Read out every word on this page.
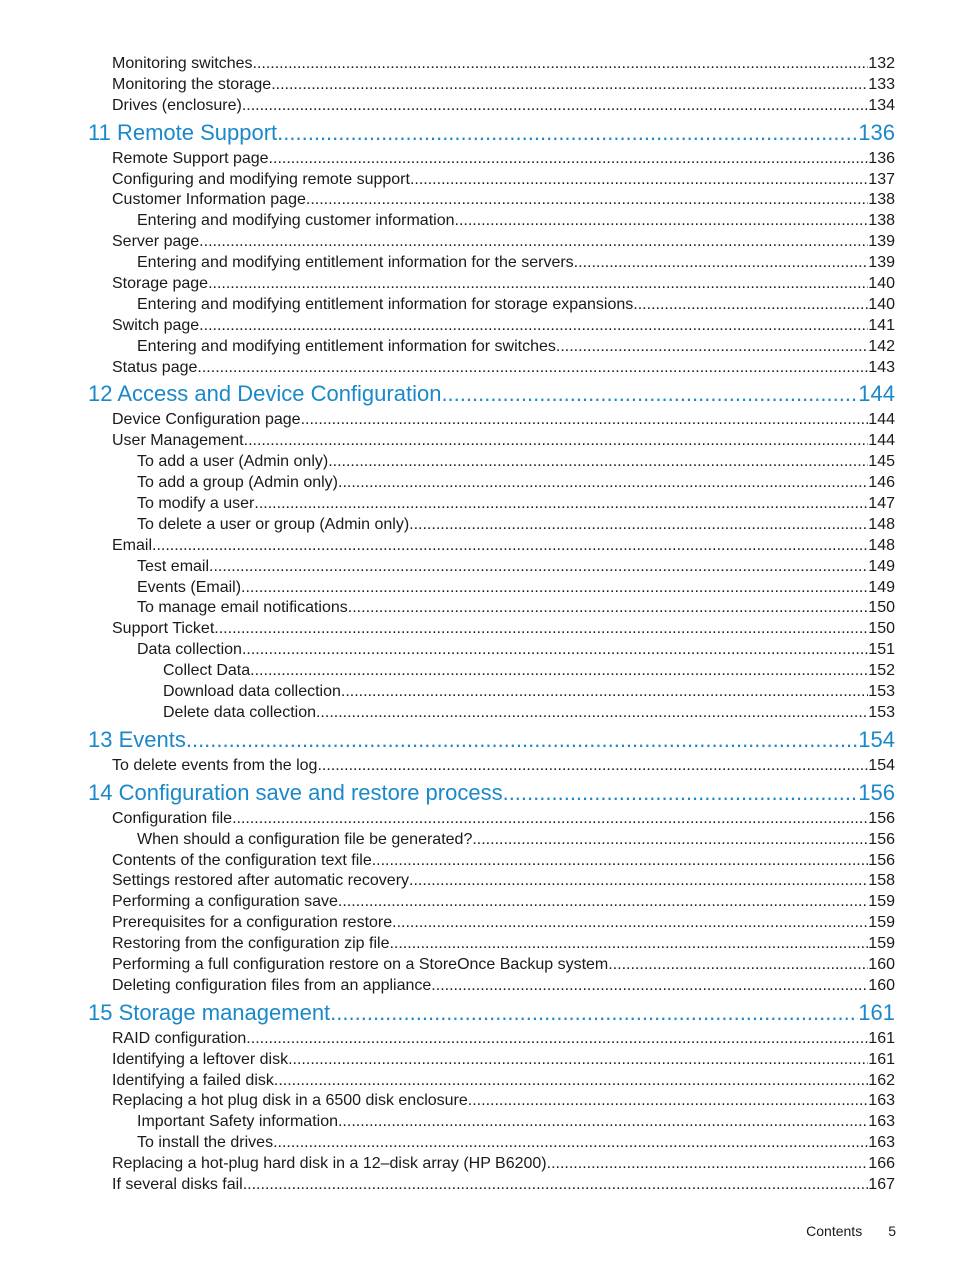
Monitoring switches .....	132
Monitoring the storage .....	133
Drives (enclosure) .....	134
11 Remote Support .....	136
Remote Support page .....	136
Configuring and modifying remote support .....	137
Customer Information page .....	138
Entering and modifying customer information .....	138
Server page .....	139
Entering and modifying entitlement information for the servers .....	139
Storage page .....	140
Entering and modifying entitlement information for storage expansions .....	140
Switch page .....	141
Entering and modifying entitlement information for switches .....	142
Status page .....	143
12 Access and Device Configuration .....	144
Device Configuration page .....	144
User Management .....	144
To add a user (Admin only) .....	145
To add a group (Admin only) .....	146
To modify a user .....	147
To delete a user or group (Admin only) .....	148
Email .....	148
Test email .....	149
Events (Email) .....	149
To manage email notifications .....	150
Support Ticket .....	150
Data collection .....	151
Collect Data .....	152
Download data collection .....	153
Delete data collection .....	153
13 Events .....	154
To delete events from the log .....	154
14 Configuration save and restore process .....	156
Configuration file .....	156
When should a configuration file be generated? .....	156
Contents of the configuration text file .....	156
Settings restored after automatic recovery .....	158
Performing a configuration save .....	159
Prerequisites for a configuration restore .....	159
Restoring from the configuration zip file .....	159
Performing a full configuration restore on a StoreOnce Backup system .....	160
Deleting configuration files from an appliance .....	160
15 Storage management .....	161
RAID configuration .....	161
Identifying a leftover disk .....	161
Identifying a failed disk .....	162
Replacing a hot plug disk in a 6500 disk enclosure .....	163
Important Safety information .....	163
To install the drives .....	163
Replacing a hot-plug hard disk in a 12–disk array (HP B6200) .....	166
If several disks fail .....	167
Contents 5
